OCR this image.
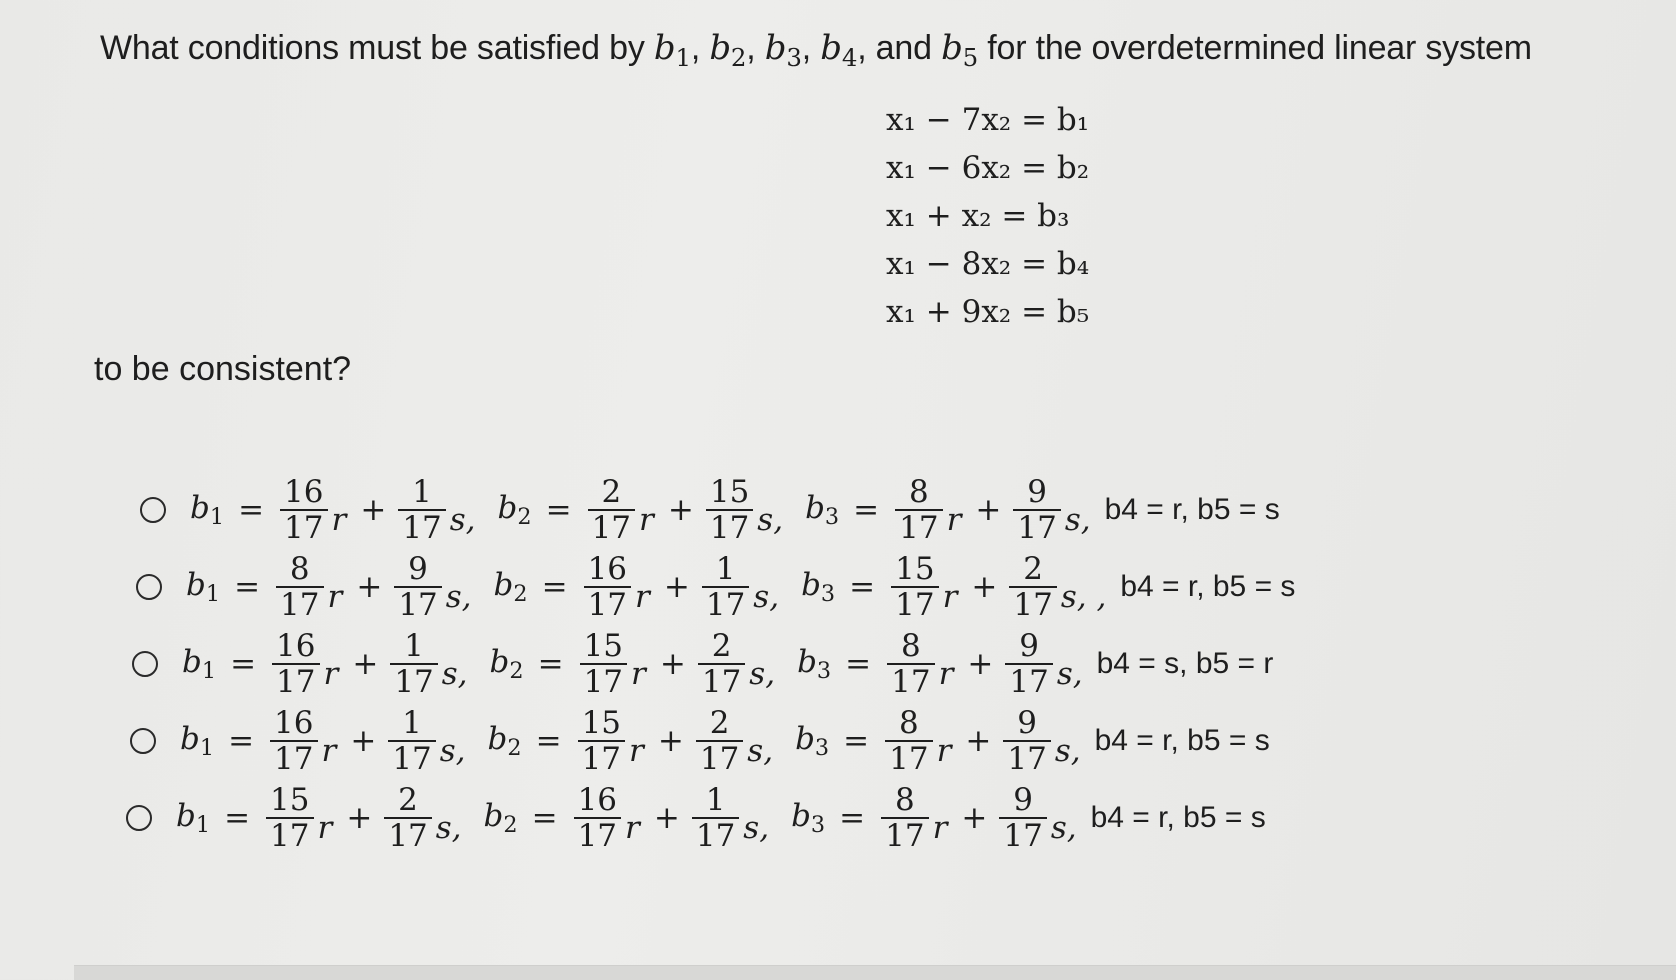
What conditions must be satisfied by $b_1$, $b_2$, $b_3$, $b_4$, and $b_5$ for the overdetermined linear system
x₁ − 7x₂ = b₁
x₁ − 6x₂ = b₂
x₁ + x₂ = b₃
x₁ − 8x₂ = b₄
x₁ + 9x₂ = b₅
to be consistent?
$b_1 = \frac{16}{17}$ $r + \frac{1}{17} s$, $b_2 = \frac{2}{17}$ $r + \frac{15}{17} s$, $b_3 = \frac{8}{17}$ $r + \frac{9}{17} s$, b4 = r, b5 = s
$b_1 = \frac{8}{17}$ $r + \frac{9}{17} s$, $b_2 = \frac{16}{17}$ $r + \frac{1}{17} s$, $b_3 = \frac{15}{17}$ $r + \frac{2}{17} s$, , b4 = r, b5 = s
$b_1 = \frac{16}{17}$ $r + \frac{1}{17} s$, $b_2 = \frac{15}{17}$ $r + \frac{2}{17} s$, $b_3 = \frac{8}{17}$ $r + \frac{9}{17} s$, b4 = s, b5 = r
$b_1 = \frac{16}{17}$ $r + \frac{1}{17} s$, $b_2 = \frac{15}{17}$ $r + \frac{2}{17} s$, $b_3 = \frac{8}{17}$ $r + \frac{9}{17} s$, b4 = r, b5 = s
$b_1 = \frac{15}{17}$ $r + \frac{2}{17} s$, $b_2 = \frac{16}{17}$ $r + \frac{1}{17} s$, $b_3 = \frac{8}{17}$ $r + \frac{9}{17} s$, b4 = r, b5 = s
